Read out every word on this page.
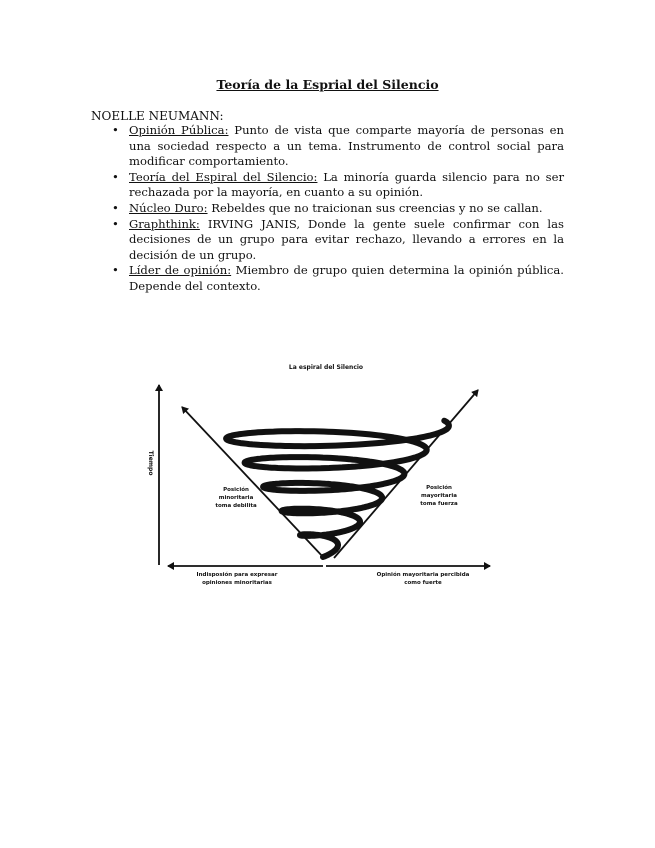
Teoría de la Esprial del Silencio
NOELLE NEUMANN:
• Opinión Pública: Punto de vista que comparte mayoría de personas en una sociedad respecto a un tema. Instrumento de control social para modificar comportamiento.
• Teoría del Espiral del Silencio: La minoría guarda silencio para no ser rechazada por la mayoría, en cuanto a su opinión.
• Núcleo Duro: Rebeldes que no traicionan sus creencias y no se callan.
• Graphthink: IRVING JANIS, Donde la gente suele confirmar con las decisiones de un grupo para evitar rechazo, llevando a errores en la decisión de un grupo.
• Líder de opinión: Miembro de grupo quien determina la opinión pública. Depende del contexto.
La espiral del Silencio
Tiempo
Posición
minoritaria
toma debilita
Posición
mayoritaria
toma fuerza
Indisposión para expresar
opiniones minoritarias
Opinión mayoritaria percibida
como fuerte
